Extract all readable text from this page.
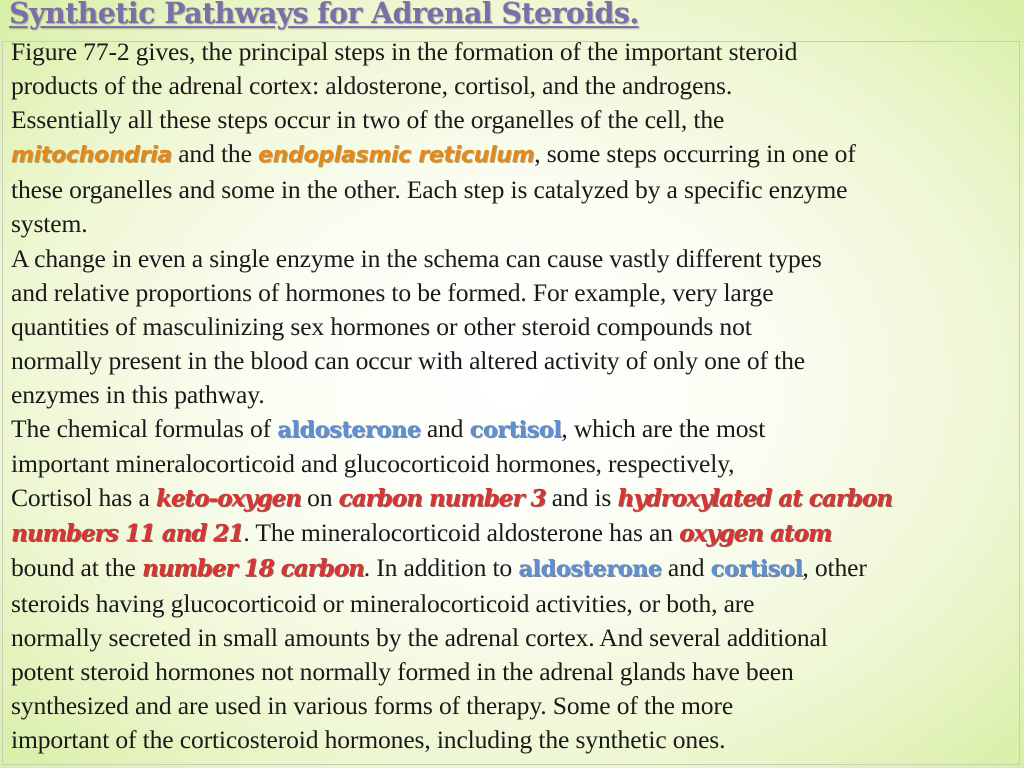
Synthetic Pathways for Adrenal Steroids.
Figure 77-2 gives, the principal steps in the formation of the important steroid
products of the adrenal cortex: aldosterone, cortisol, and the androgens.
Essentially all these steps occur in two of the organelles of the cell, the
mitochondria and the endoplasmic reticulum, some steps occurring in one of
these organelles and some in the other. Each step is catalyzed by a specific enzyme
system.
A change in even a single enzyme in the schema can cause vastly different types
and relative proportions of hormones to be formed. For example, very large
quantities of masculinizing sex hormones or other steroid compounds not
normally present in the blood can occur with altered activity of only one of the
enzymes in this pathway.
The chemical formulas of aldosterone and cortisol, which are the most
important mineralocorticoid and glucocorticoid hormones, respectively,
Cortisol has a keto-oxygen on carbon number 3 and is hydroxylated at carbon
numbers 11 and 21. The mineralocorticoid aldosterone has an oxygen atom
bound at the number 18 carbon. In addition to aldosterone and cortisol, other
steroids having glucocorticoid or mineralocorticoid activities, or both, are
normally secreted in small amounts by the adrenal cortex. And several additional
potent steroid hormones not normally formed in the adrenal glands have been
synthesized and are used in various forms of therapy. Some of the more
important of the corticosteroid hormones, including the synthetic ones.
